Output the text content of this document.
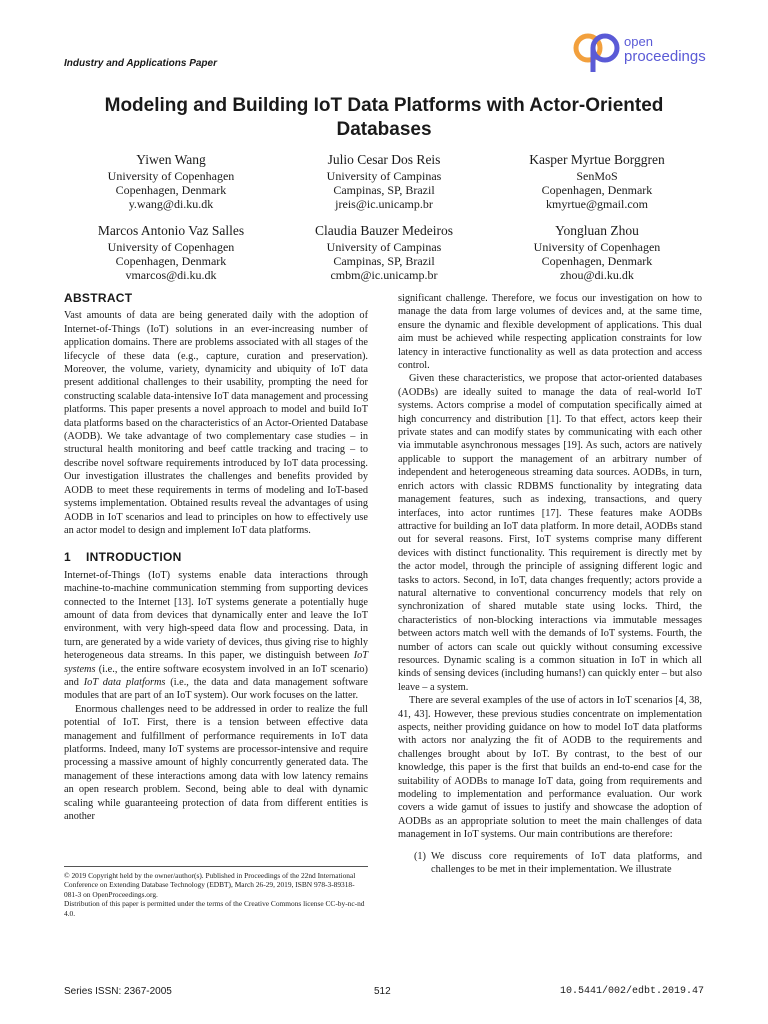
Industry and Applications Paper
open
proceedings
Modeling and Building IoT Data Platforms with Actor-Oriented Databases
Yiwen Wang
University of Copenhagen
Copenhagen, Denmark
y.wang@di.ku.dk
Julio Cesar Dos Reis
University of Campinas
Campinas, SP, Brazil
jreis@ic.unicamp.br
Kasper Myrtue Borggren
SenMoS
Copenhagen, Denmark
kmyrtue@gmail.com
Marcos Antonio Vaz Salles
University of Copenhagen
Copenhagen, Denmark
vmarcos@di.ku.dk
Claudia Bauzer Medeiros
University of Campinas
Campinas, SP, Brazil
cmbm@ic.unicamp.br
Yongluan Zhou
University of Copenhagen
Copenhagen, Denmark
zhou@di.ku.dk
ABSTRACT

Vast amounts of data are being generated daily with the adoption of Internet-of-Things (IoT) solutions in an ever-increasing number of application domains. There are problems associated with all stages of the lifecycle of these data (e.g., capture, curation and preservation). Moreover, the volume, variety, dynamicity and ubiquity of IoT data present additional challenges to their usability, prompting the need for constructing scalable data-intensive IoT data management and processing platforms. This paper presents a novel approach to model and build IoT data platforms based on the characteristics of an Actor-Oriented Database (AODB). We take advantage of two complementary case studies – in structural health monitoring and beef cattle tracking and tracing – to describe novel software requirements introduced by IoT data processing. Our investigation illustrates the challenges and benefits provided by AODB to meet these requirements in terms of modeling and IoT-based systems implementation. Obtained results reveal the advantages of using AODB in IoT scenarios and lead to principles on how to effectively use an actor model to design and implement IoT data platforms.

1 INTRODUCTION

Internet-of-Things (IoT) systems enable data interactions through machine-to-machine communication stemming from supporting devices connected to the Internet [13]. IoT systems generate a potentially huge amount of data from devices that dynamically enter and leave the IoT environment, with very high-speed data flow and processing. Data, in turn, are generated by a wide variety of devices, thus giving rise to highly heterogeneous data streams. In this paper, we distinguish between IoT systems (i.e., the entire software ecosystem involved in an IoT scenario) and IoT data platforms (i.e., the data and data management software modules that are part of an IoT system). Our work focuses on the latter.

Enormous challenges need to be addressed in order to realize the full potential of IoT. First, there is a tension between effective data management and fulfillment of performance requirements in IoT data platforms. Indeed, many IoT systems are processor-intensive and require processing a massive amount of highly concurrently generated data. The management of these interactions among data with low latency remains an open research problem. Second, being able to deal with dynamic scaling while guaranteeing protection of data from different entities is another

significant challenge. Therefore, we focus our investigation on how to manage the data from large volumes of devices and, at the same time, ensure the dynamic and flexible development of applications. This dual aim must be achieved while respecting application constraints for low latency in interactive functionality as well as data protection and access control.

Given these characteristics, we propose that actor-oriented databases (AODBs) are ideally suited to manage the data of real-world IoT systems. Actors comprise a model of computation specifically aimed at high concurrency and distribution [1]. To that effect, actors keep their private states and can modify states by communicating with each other via immutable asynchronous messages [19]. As such, actors are natively applicable to support the management of an arbitrary number of independent and heterogeneous streaming data sources. AODBs, in turn, enrich actors with classic RDBMS functionality by integrating data management features, such as indexing, transactions, and query interfaces, into actor runtimes [17]. These features make AODBs attractive for building an IoT data platform. In more detail, AODBs stand out for several reasons. First, IoT systems comprise many different devices with distinct functionality. This requirement is directly met by the actor model, through the principle of assigning different logic and tasks to actors. Second, in IoT, data changes frequently; actors provide a natural alternative to conventional concurrency models that rely on synchronization of shared mutable state using locks. Third, the characteristics of non-blocking interactions via immutable messages between actors match well with the demands of IoT systems. Fourth, the number of actors can scale out quickly without consuming excessive resources. Dynamic scaling is a common situation in IoT in which all kinds of sensing devices (including humans!) can quickly enter – but also leave – a system.

There are several examples of the use of actors in IoT scenarios [4, 38, 41, 43]. However, these previous studies concentrate on implementation aspects, neither providing guidance on how to model IoT data platforms with actors nor analyzing the fit of AODB to the requirements and challenges brought about by IoT. By contrast, to the best of our knowledge, this paper is the first that builds an end-to-end case for the suitability of AODBs to manage IoT data, going from requirements and modeling to implementation and performance evaluation. Our work covers a wide gamut of issues to justify and showcase the adoption of AODBs as an appropriate solution to meet the main challenges of data management in IoT systems. Our main contributions are therefore:

(1) We discuss core requirements of IoT data platforms, and challenges to be met in their implementation. We illustrate

© 2019 Copyright held by the owner/author(s). Published in Proceedings of the 22nd International Conference on Extending Database Technology (EDBT), March 26-29, 2019, ISBN 978-3-89318-081-3 on OpenProceedings.org.

Distribution of this paper is permitted under the terms of the Creative Commons license CC-by-nc-nd 4.0.

Series ISSN: 2367-2005	512	10.5441/002/edbt.2019.47
